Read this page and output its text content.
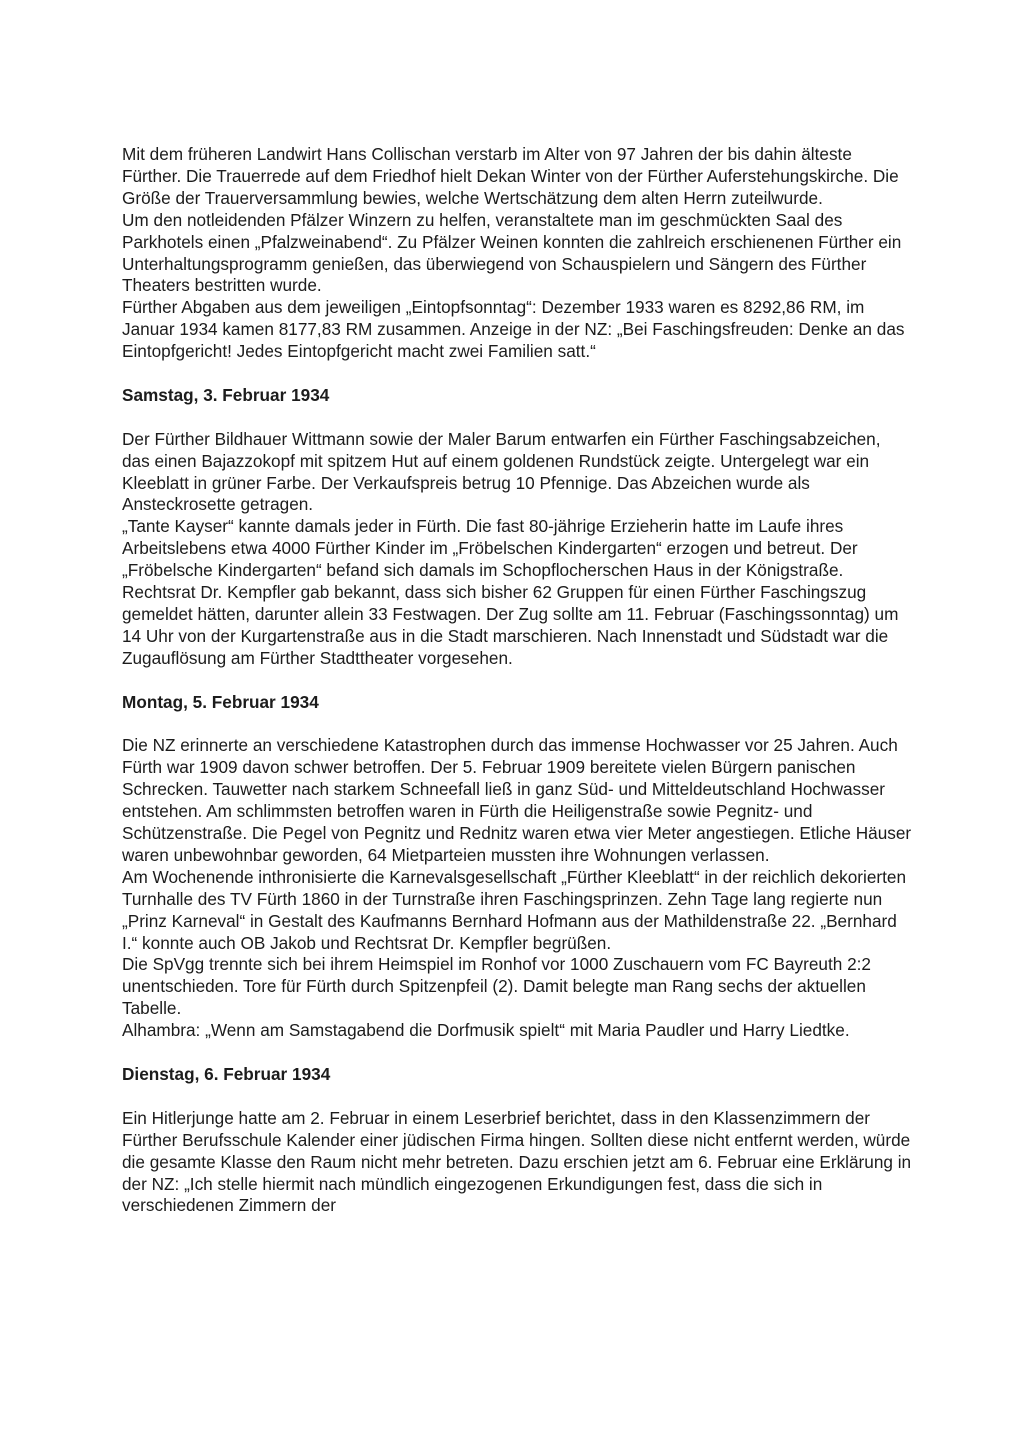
Mit dem früheren Landwirt Hans Collischan verstarb im Alter von 97 Jahren der bis dahin älteste Fürther. Die Trauerrede auf dem Friedhof hielt Dekan Winter von der Fürther Auferstehungskirche. Die Größe der Trauerversammlung bewies, welche Wertschätzung dem alten Herrn zuteilwurde.

Um den notleidenden Pfälzer Winzern zu helfen, veranstaltete man im geschmückten Saal des Parkhotels einen „Pfalzweinabend“. Zu Pfälzer Weinen konnten die zahlreich erschienenen Fürther ein Unterhaltungsprogramm genießen, das überwiegend von Schauspielern und Sängern des Fürther Theaters bestritten wurde.

Fürther Abgaben aus dem jeweiligen „Eintopfsonntag“: Dezember 1933 waren es 8292,86 RM, im Januar 1934 kamen 8177,83 RM zusammen. Anzeige in der NZ: „Bei Faschingsfreuden: Denke an das Eintopfgericht! Jedes Eintopfgericht macht zwei Familien satt.“

Samstag, 3. Februar 1934

Der Fürther Bildhauer Wittmann sowie der Maler Barum entwarfen ein Fürther Faschingsabzeichen, das einen Bajazzokopf mit spitzem Hut auf einem goldenen Rundstück zeigte. Untergelegt war ein Kleeblatt in grüner Farbe. Der Verkaufspreis betrug 10 Pfennige. Das Abzeichen wurde als Ansteckrosette getragen.

„Tante Kayser“ kannte damals jeder in Fürth. Die fast 80-jährige Erzieherin hatte im Laufe ihres Arbeitslebens etwa 4000 Fürther Kinder im „Fröbelschen Kindergarten“ erzogen und betreut. Der „Fröbelsche Kindergarten“ befand sich damals im Schopflocherschen Haus in der Königstraße.

Rechtsrat Dr. Kempfler gab bekannt, dass sich bisher 62 Gruppen für einen Fürther Faschingszug gemeldet hätten, darunter allein 33 Festwagen. Der Zug sollte am 11. Februar (Faschingssonntag) um 14 Uhr von der Kurgartenstraße aus in die Stadt marschieren. Nach Innenstadt und Südstadt war die Zugauflösung am Fürther Stadttheater vorgesehen.

Montag, 5. Februar 1934

Die NZ erinnerte an verschiedene Katastrophen durch das immense Hochwasser vor 25 Jahren. Auch Fürth war 1909 davon schwer betroffen. Der 5. Februar 1909 bereitete vielen Bürgern panischen Schrecken. Tauwetter nach starkem Schneefall ließ in ganz Süd- und Mitteldeutschland Hochwasser entstehen. Am schlimmsten betroffen waren in Fürth die Heiligenstraße sowie Pegnitz- und Schützenstraße. Die Pegel von Pegnitz und Rednitz waren etwa vier Meter angestiegen. Etliche Häuser waren unbewohnbar geworden, 64 Mietparteien mussten ihre Wohnungen verlassen.

Am Wochenende inthronisierte die Karnevalsgesellschaft „Fürther Kleeblatt“ in der reichlich dekorierten Turnhalle des TV Fürth 1860 in der Turnstraße ihren Faschingsprinzen. Zehn Tage lang regierte nun „Prinz Karneval“ in Gestalt des Kaufmanns Bernhard Hofmann aus der Mathildenstraße 22. „Bernhard I.“ konnte auch OB Jakob und Rechtsrat Dr. Kempfler begrüßen.

Die SpVgg trennte sich bei ihrem Heimspiel im Ronhof vor 1000 Zuschauern vom FC Bayreuth 2:2 unentschieden. Tore für Fürth durch Spitzenpfeil (2). Damit belegte man Rang sechs der aktuellen Tabelle.

Alhambra: „Wenn am Samstagabend die Dorfmusik spielt“ mit Maria Paudler und Harry Liedtke.

Dienstag, 6. Februar 1934

Ein Hitlerjunge hatte am 2. Februar in einem Leserbrief berichtet, dass in den Klassenzimmern der Fürther Berufsschule Kalender einer jüdischen Firma hingen. Sollten diese nicht entfernt werden, würde die gesamte Klasse den Raum nicht mehr betreten. Dazu erschien jetzt am 6. Februar eine Erklärung in der NZ: „Ich stelle hiermit nach mündlich eingezogenen Erkundigungen fest, dass die sich in verschiedenen Zimmern der
